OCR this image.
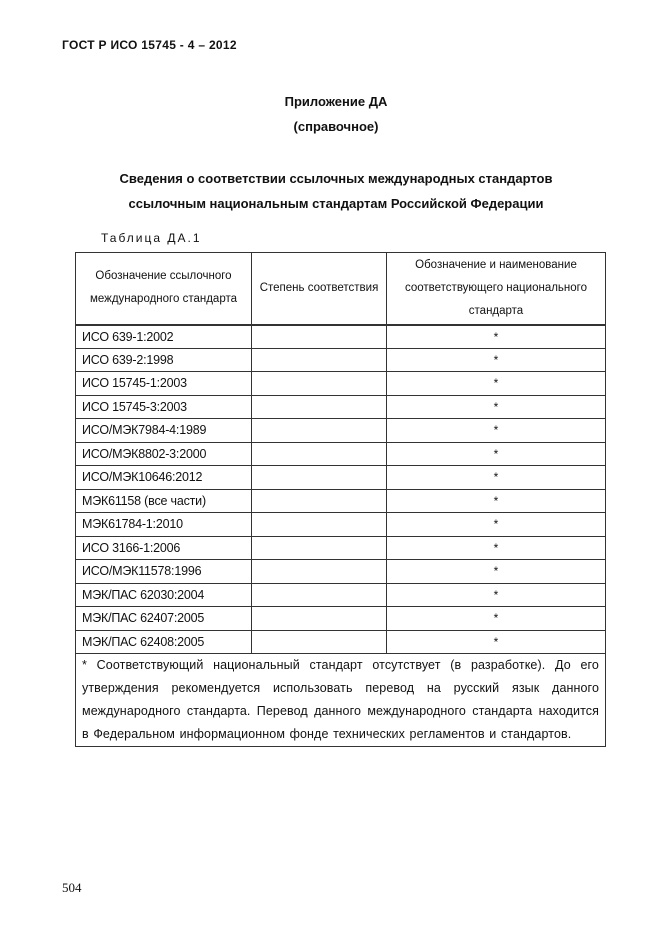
ГОСТ Р ИСО 15745 - 4 – 2012
Приложение ДА
(справочное)
Сведения о соответствии ссылочных международных стандартов
ссылочным национальным стандартам Российской Федерации
Таблица ДА.1
Обозначение ссылочного международного стандарта	Степень соответствия	Обозначение и наименование соответствующего национального стандарта
ИСО 639-1:2002		*
ИСО 639-2:1998		*
ИСО 15745-1:2003		*
ИСО 15745-3:2003		*
ИСО/МЭК7984-4:1989		*
ИСО/МЭК8802-3:2000		*
ИСО/МЭК10646:2012		*
МЭК61158 (все части)		*
МЭК61784-1:2010		*
ИСО 3166-1:2006		*
ИСО/МЭК11578:1996		*
МЭК/ПАС 62030:2004		*
МЭК/ПАС 62407:2005		*
МЭК/ПАС 62408:2005		*
* Соответствующий национальный стандарт отсутствует (в разработке). До его утверждения рекомендуется использовать перевод на русский язык данного международного стандарта. Перевод данного международного стандарта находится в Федеральном информационном фонде технических регламентов и стандартов.		
504
